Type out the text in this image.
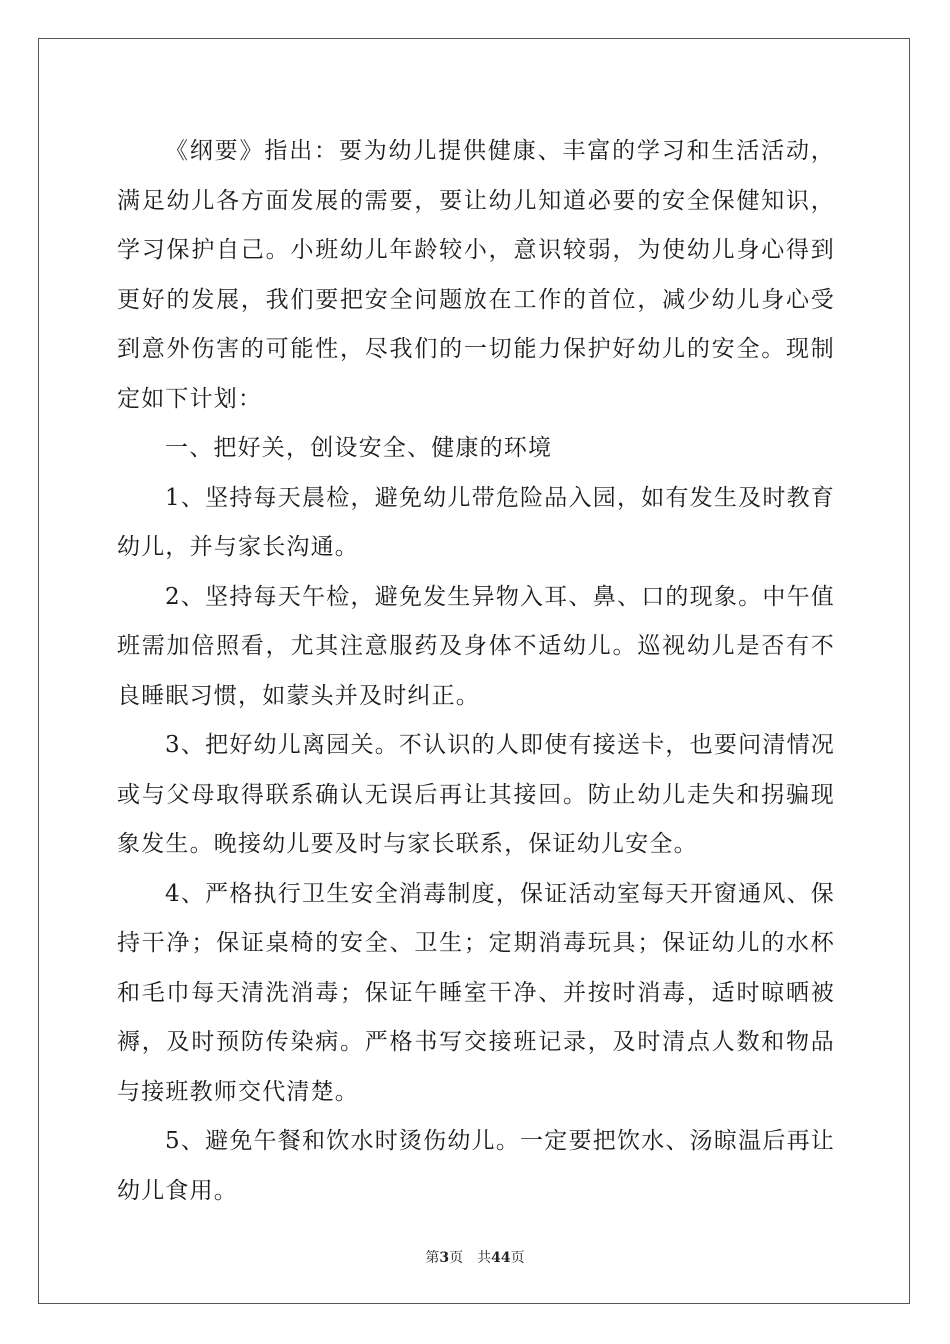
《纲要》指出：要为幼儿提供健康、丰富的学习和生活活动，满足幼儿各方面发展的需要，要让幼儿知道必要的安全保健知识，学习保护自己。小班幼儿年龄较小，意识较弱，为使幼儿身心得到更好的发展，我们要把安全问题放在工作的首位，减少幼儿身心受到意外伤害的可能性，尽我们的一切能力保护好幼儿的安全。现制定如下计划：

一、把好关，创设安全、健康的环境

1、坚持每天晨检，避免幼儿带危险品入园，如有发生及时教育幼儿，并与家长沟通。

2、坚持每天午检，避免发生异物入耳、鼻、口的现象。中午值班需加倍照看，尤其注意服药及身体不适幼儿。巡视幼儿是否有不良睡眠习惯，如蒙头并及时纠正。

3、把好幼儿离园关。不认识的人即使有接送卡，也要问清情况或与父母取得联系确认无误后再让其接回。防止幼儿走失和拐骗现象发生。晚接幼儿要及时与家长联系，保证幼儿安全。

4、严格执行卫生安全消毒制度，保证活动室每天开窗通风、保持干净；保证桌椅的安全、卫生；定期消毒玩具；保证幼儿的水杯和毛巾每天清洗消毒；保证午睡室干净、并按时消毒，适时晾晒被褥，及时预防传染病。严格书写交接班记录，及时清点人数和物品与接班教师交代清楚。

5、避免午餐和饮水时烫伤幼儿。一定要把饮水、汤晾温后再让幼儿食用。

第3页 共44页
